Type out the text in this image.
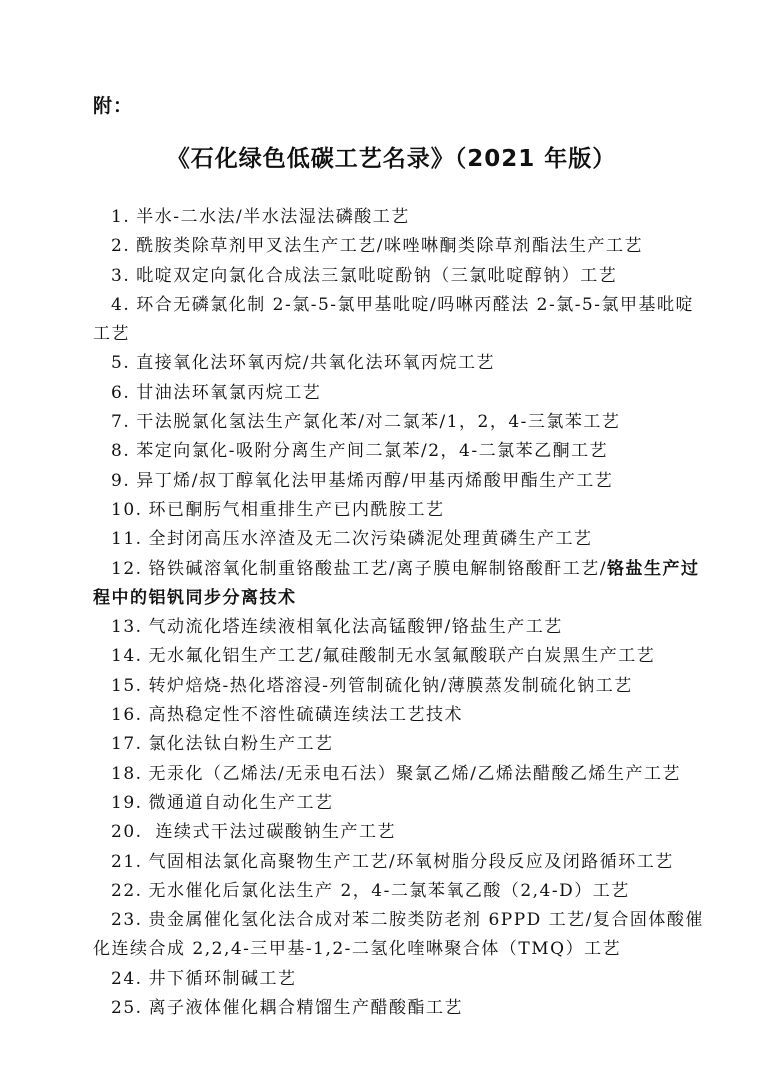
附：
《石化绿色低碳工艺名录》（2021 年版）
1. 半水-二水法/半水法湿法磷酸工艺
2. 酰胺类除草剂甲叉法生产工艺/咪唑啉酮类除草剂酯法生产工艺
3. 吡啶双定向氯化合成法三氯吡啶酚钠（三氯吡啶醇钠）工艺
4. 环合无磷氯化制 2-氯-5-氯甲基吡啶/吗啉丙醛法 2-氯-5-氯甲基吡啶工艺
5. 直接氧化法环氧丙烷/共氧化法环氧丙烷工艺
6. 甘油法环氧氯丙烷工艺
7. 干法脱氯化氢法生产氯化苯/对二氯苯/1，2，4-三氯苯工艺
8. 苯定向氯化-吸附分离生产间二氯苯/2，4-二氯苯乙酮工艺
9. 异丁烯/叔丁醇氧化法甲基烯丙醇/甲基丙烯酸甲酯生产工艺
10. 环已酮肟气相重排生产已内酰胺工艺
11. 全封闭高压水淬渣及无二次污染磷泥处理黄磷生产工艺
12. 铬铁碱溶氧化制重铬酸盐工艺/离子膜电解制铬酸酐工艺/铬盐生产过程中的铝钒同步分离技术
13. 气动流化塔连续液相氧化法高锰酸钾/铬盐生产工艺
14. 无水氟化铝生产工艺/氟硅酸制无水氢氟酸联产白炭黑生产工艺
15. 转炉焙烧-热化塔溶浸-列管制硫化钠/薄膜蒸发制硫化钠工艺
16. 高热稳定性不溶性硫磺连续法工艺技术
17. 氯化法钛白粉生产工艺
18. 无汞化（乙烯法/无汞电石法）聚氯乙烯/乙烯法醋酸乙烯生产工艺
19. 微通道自动化生产工艺
20. 连续式干法过碳酸钠生产工艺
21. 气固相法氯化高聚物生产工艺/环氧树脂分段反应及闭路循环工艺
22. 无水催化后氯化法生产 2，4-二氯苯氧乙酸（2,4-D）工艺
23. 贵金属催化氢化法合成对苯二胺类防老剂 6PPD 工艺/复合固体酸催化连续合成 2,2,4-三甲基-1,2-二氢化喹啉聚合体（TMQ）工艺
24. 井下循环制碱工艺
25. 离子液体催化耦合精馏生产醋酸酯工艺
